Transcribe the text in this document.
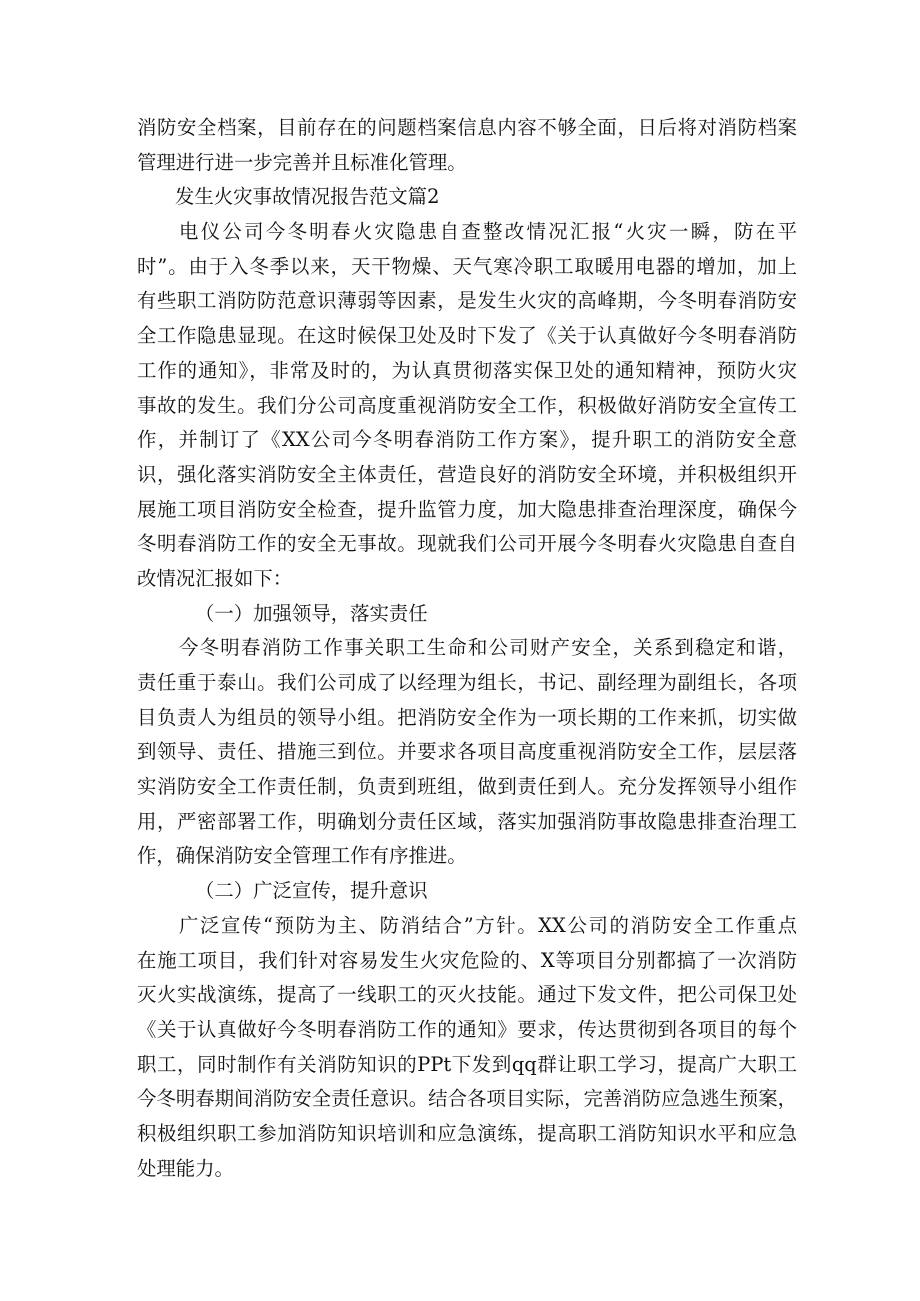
消防安全档案，目前存在的问题档案信息内容不够全面，日后将对消防档案
管理进行进一步完善并且标准化管理。
发生火灾事故情况报告范文篇2
电仪公司今冬明春火灾隐患自查整改情况汇报“火灾一瞬，防在平
时”。由于入冬季以来，天干物燥、天气寒冷职工取暖用电器的增加，加上
有些职工消防防范意识薄弱等因素，是发生火灾的高峰期，今冬明春消防安
全工作隐患显现。在这时候保卫处及时下发了《关于认真做好今冬明春消防
工作的通知》，非常及时的，为认真贯彻落实保卫处的通知精神，预防火灾
事故的发生。我们分公司高度重视消防安全工作，积极做好消防安全宣传工
作，并制订了《XX公司今冬明春消防工作方案》，提升职工的消防安全意
识，强化落实消防安全主体责任，营造良好的消防安全环境，并积极组织开
展施工项目消防安全检查，提升监管力度，加大隐患排查治理深度，确保今
冬明春消防工作的安全无事故。现就我们公司开展今冬明春火灾隐患自查自
改情况汇报如下：
（一）加强领导，落实责任
今冬明春消防工作事关职工生命和公司财产安全，关系到稳定和谐，
责任重于泰山。我们公司成了以经理为组长，书记、副经理为副组长，各项
目负责人为组员的领导小组。把消防安全作为一项长期的工作来抓，切实做
到领导、责任、措施三到位。并要求各项目高度重视消防安全工作，层层落
实消防安全工作责任制，负责到班组，做到责任到人。充分发挥领导小组作
用，严密部署工作，明确划分责任区域，落实加强消防事故隐患排查治理工
作，确保消防安全管理工作有序推进。
（二）广泛宣传，提升意识
广泛宣传“预防为主、防消结合”方针。XX公司的消防安全工作重点
在施工项目，我们针对容易发生火灾危险的、X等项目分别都搞了一次消防
灭火实战演练，提高了一线职工的灭火技能。通过下发文件，把公司保卫处
《关于认真做好今冬明春消防工作的通知》要求，传达贯彻到各项目的每个
职工，同时制作有关消防知识的PPt下发到qq群让职工学习，提高广大职工
今冬明春期间消防安全责任意识。结合各项目实际，完善消防应急逃生预案，
积极组织职工参加消防知识培训和应急演练，提高职工消防知识水平和应急
处理能力。
